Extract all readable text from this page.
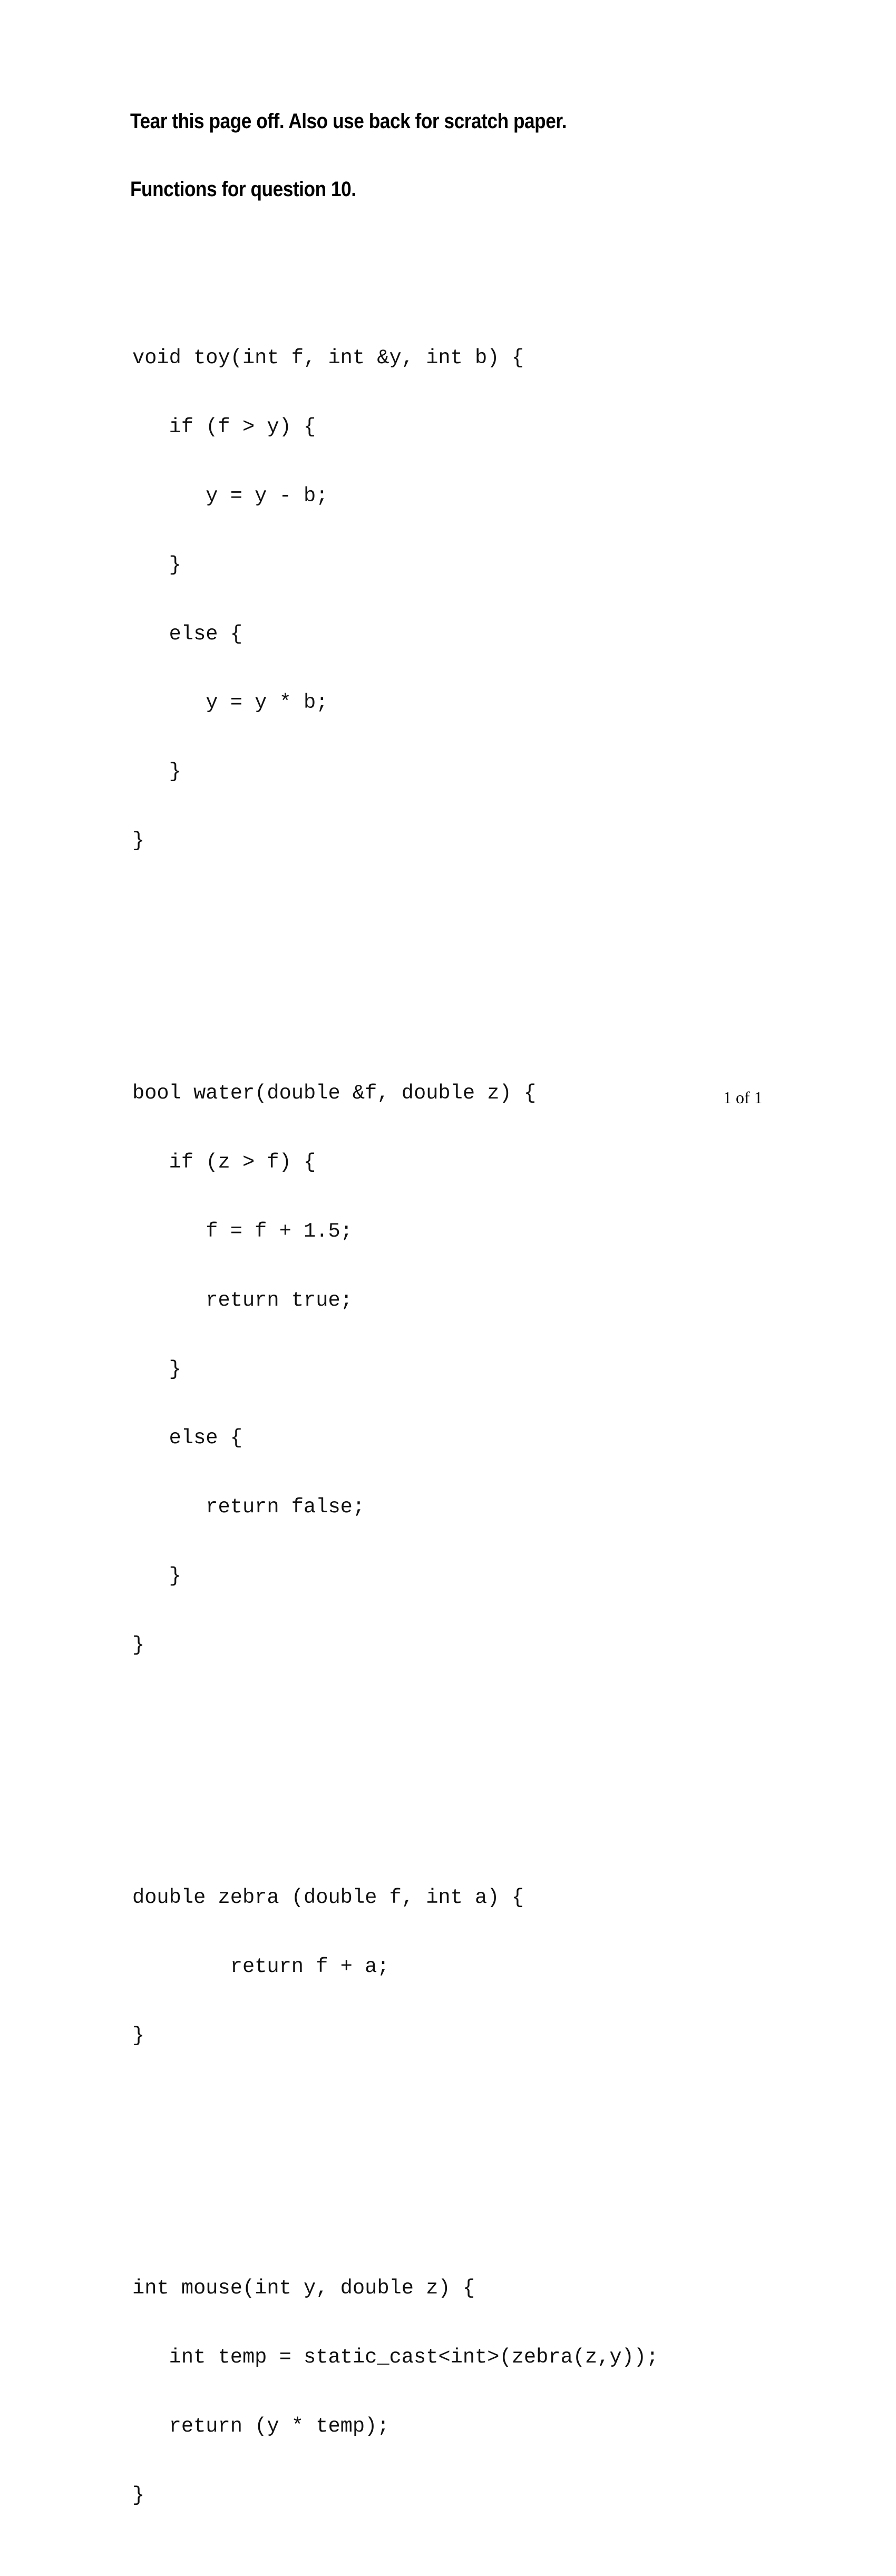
Tear this page off. Also use back for scratch paper.
Functions for question 10.

void toy(int f, int &y, int b) {

if (f > y) {

y = y - b;

}

else {

y = y * b;

}

}

bool water(double &f, double z) {

if (z > f) {

f = f + 1.5;

return true;

}

else {

return false;

}

}

double zebra (double f, int a) {

return f + a;

}

int mouse(int y, double z) {

int temp = static_cast<int>(zebra(z,y));

return (y * temp);

}

1 of 1
